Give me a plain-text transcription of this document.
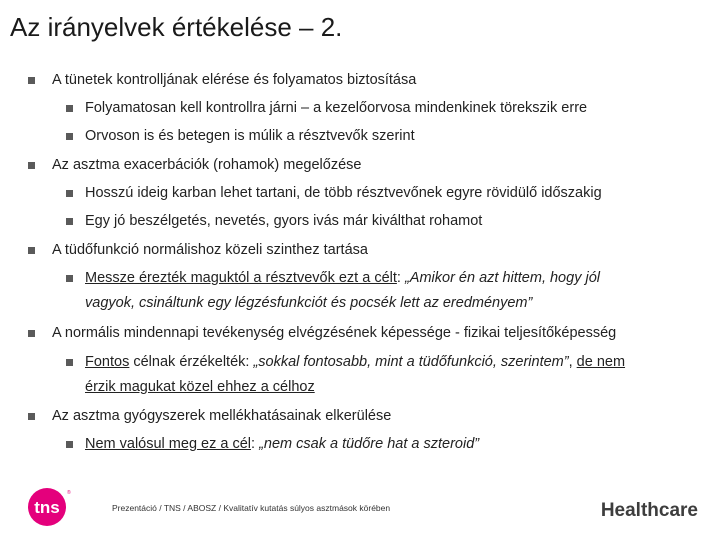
Az irányelvek értékelése – 2.
A tünetek kontrolljának elérése és folyamatos biztosítása
Folyamatosan kell kontrollra járni – a kezelőorvosa mindenkinek törekszik erre
Orvoson is és betegen is múlik a résztvevők szerint
Az asztma exacerbációk (rohamok) megelőzése
Hosszú ideig karban lehet tartani, de több résztvevőnek egyre rövidülő időszakig
Egy jó beszélgetés, nevetés, gyors ivás már kiválthat rohamot
A tüdőfunkció normálishoz közeli szinthez tartása
Messze érezték maguktól a résztvevők ezt a célt: „Amikor én azt hittem, hogy jól
vagyok, csináltunk egy légzésfunkciót és pocsék lett az eredményem”
A normális mindennapi tevékenység elvégzésének képessége - fizikai teljesítőképesség
Fontos célnak érzékelték: „sokkal fontosabb, mint a tüdőfunkció, szerintem”, de nem
érzik magukat közel ehhez a célhoz
Az asztma gyógyszerek mellékhatásainak elkerülése
Nem valósul meg ez a cél: „nem csak a tüdőre hat a szteroid”
tns
®
Prezentáció / TNS / ABOSZ / Kvalitatív kutatás súlyos asztmások körében	Healthcare
